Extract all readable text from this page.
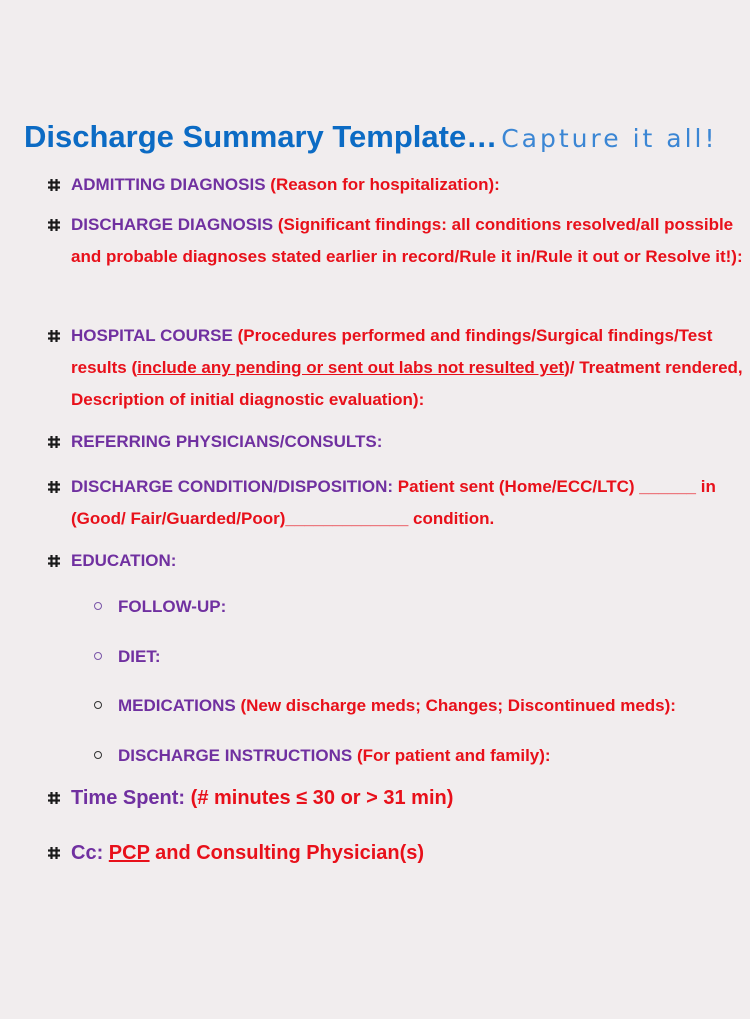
Discharge Summary Template… Capture it all!
ADMITTING DIAGNOSIS (Reason for hospitalization):
DISCHARGE DIAGNOSIS (Significant findings: all conditions resolved/all possible and probable diagnoses stated earlier in record/Rule it in/Rule it out or Resolve it!):
HOSPITAL COURSE (Procedures performed and findings/Surgical findings/Test results (include any pending or sent out labs not resulted yet)/ Treatment rendered, Description of initial diagnostic evaluation):
REFERRING PHYSICIANS/CONSULTS:
DISCHARGE CONDITION/DISPOSITION: Patient sent (Home/ECC/LTC) ______ in (Good/ Fair/Guarded/Poor)_____________ condition.
EDUCATION:
FOLLOW-UP:
DIET:
MEDICATIONS (New discharge meds; Changes; Discontinued meds):
DISCHARGE INSTRUCTIONS (For patient and family):
Time Spent: (# minutes ≤ 30 or > 31 min)
Cc: PCP and Consulting Physician(s)
